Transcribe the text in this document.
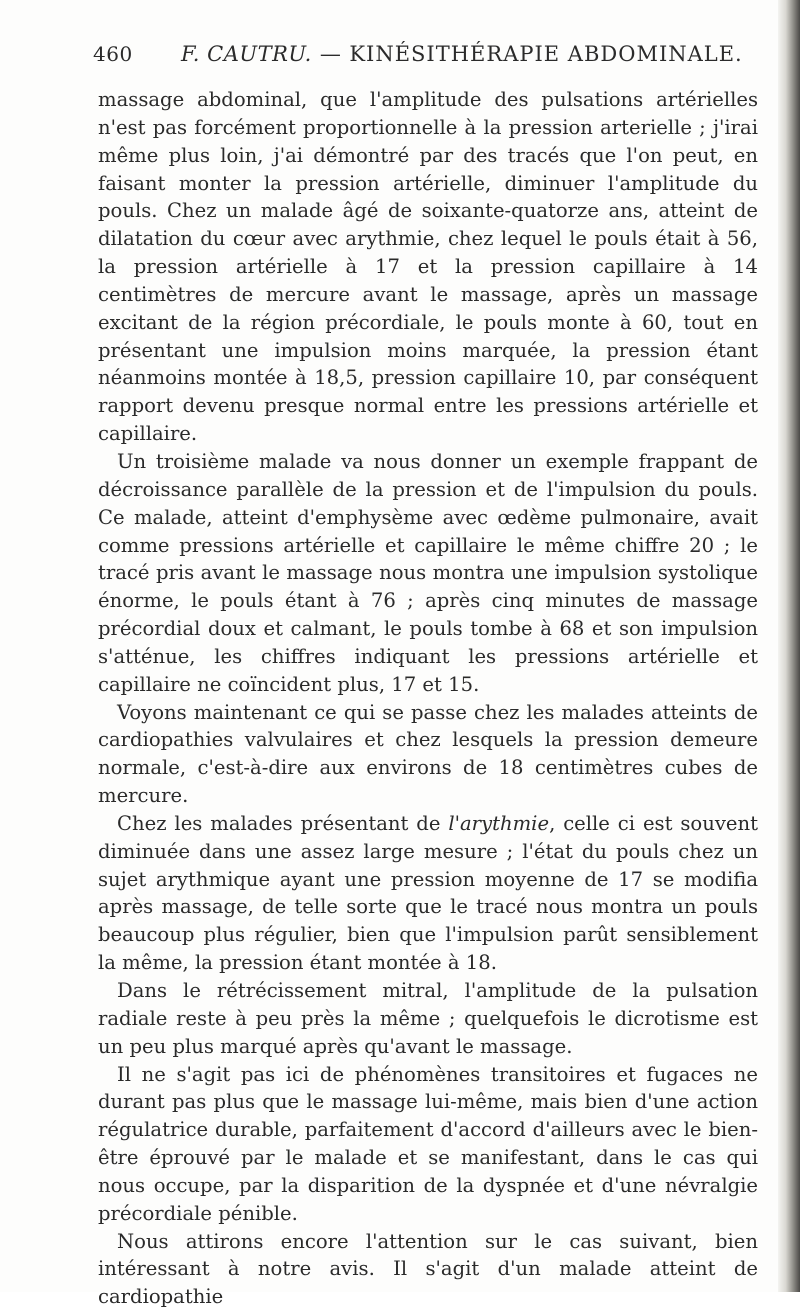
460	F. CAUTRU. — KINÉSITHÉRAPIE ABDOMINALE.

massage abdominal, que l'amplitude des pulsations artérielles n'est pas forcément proportionnelle à la pression arterielle ; j'irai même plus loin, j'ai démontré par des tracés que l'on peut, en faisant monter la pression artérielle, diminuer l'amplitude du pouls. Chez un malade âgé de soixante-quatorze ans, atteint de dilatation du cœur avec arythmie, chez lequel le pouls était à 56, la pression artérielle à 17 et la pression capillaire à 14 centimètres de mercure avant le massage, après un massage excitant de la région précordiale, le pouls monte à 60, tout en présentant une impulsion moins marquée, la pression étant néanmoins montée à 18,5, pression capillaire 10, par conséquent rapport devenu presque normal entre les pressions artérielle et capillaire.

Un troisième malade va nous donner un exemple frappant de décroissance parallèle de la pression et de l'impulsion du pouls. Ce malade, atteint d'emphysème avec œdème pulmonaire, avait comme pressions artérielle et capillaire le même chiffre 20 ; le tracé pris avant le massage nous montra une impulsion systolique énorme, le pouls étant à 76 ; après cinq minutes de massage précordial doux et calmant, le pouls tombe à 68 et son impulsion s'atténue, les chiffres indiquant les pressions artérielle et capillaire ne coïncident plus, 17 et 15.

Voyons maintenant ce qui se passe chez les malades atteints de cardiopathies valvulaires et chez lesquels la pression demeure normale, c'est-à-dire aux environs de 18 centimètres cubes de mercure.

Chez les malades présentant de l'arythmie, celle ci est souvent diminuée dans une assez large mesure ; l'état du pouls chez un sujet arythmique ayant une pression moyenne de 17 se modifia après massage, de telle sorte que le tracé nous montra un pouls beaucoup plus régulier, bien que l'impulsion parût sensiblement la même, la pression étant montée à 18.

Dans le rétrécissement mitral, l'amplitude de la pulsation radiale reste à peu près la même ; quelquefois le dicrotisme est un peu plus marqué après qu'avant le massage.

Il ne s'agit pas ici de phénomènes transitoires et fugaces ne durant pas plus que le massage lui-même, mais bien d'une action régulatrice durable, parfaitement d'accord d'ailleurs avec le bien-être éprouvé par le malade et se manifestant, dans le cas qui nous occupe, par la disparition de la dyspnée et d'une névralgie précordiale pénible.

Nous attirons encore l'attention sur le cas suivant, bien intéressant à notre avis. Il s'agit d'un malade atteint de cardiopathie
